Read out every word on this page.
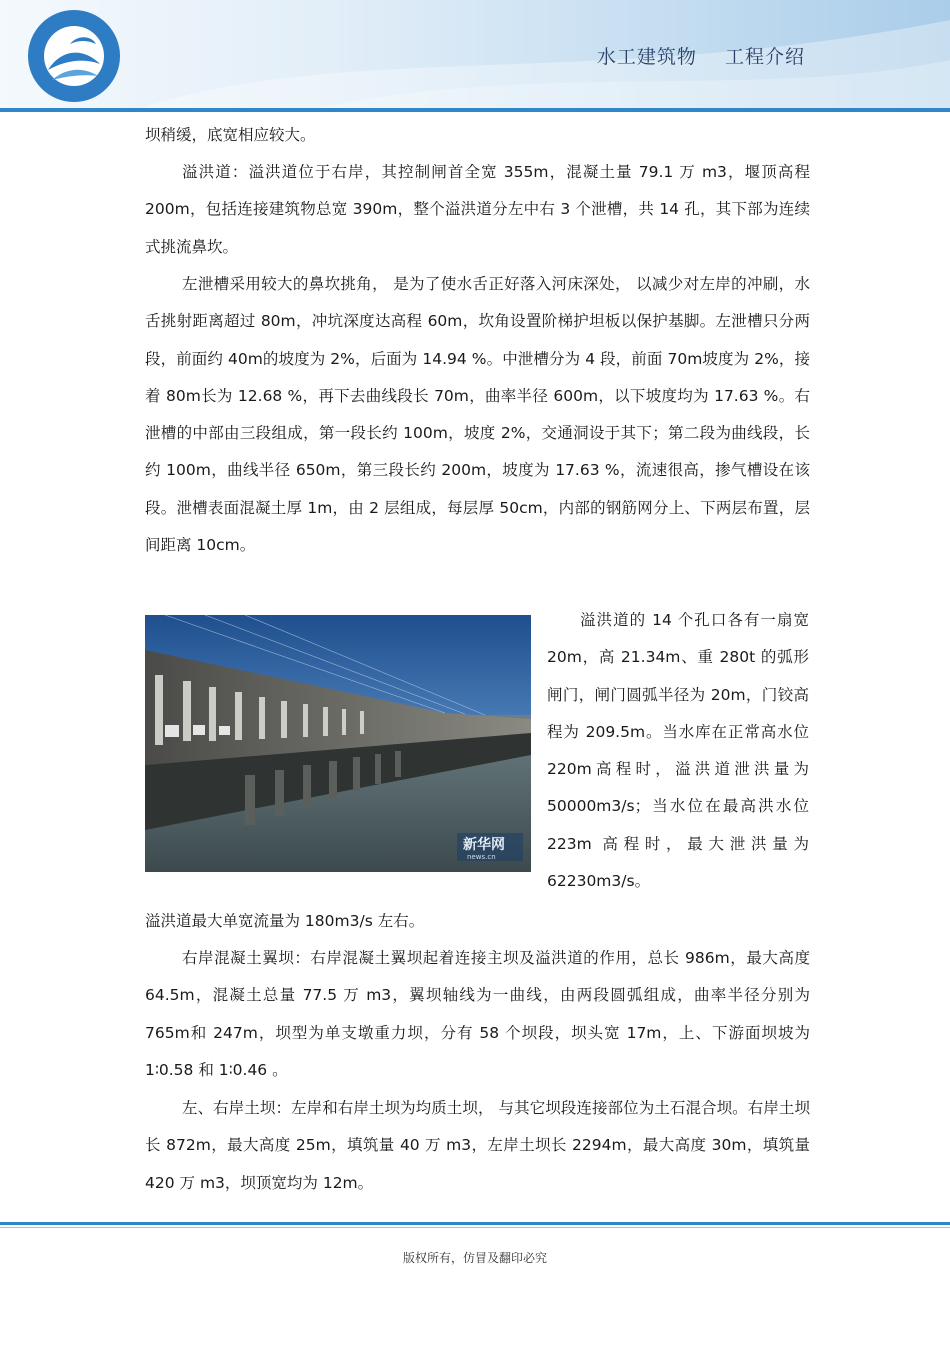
水工建筑物    工程介绍

坝稍缓，底宽相应较大。

溢洪道：溢洪道位于右岸，其控制闸首全宽 355m，混凝土量 79.1 万 m3，堰顶高程 200m，包括连接建筑物总宽 390m，整个溢洪道分左中右 3 个泄槽，共 14 孔，其下部为连续式挑流鼻坎。

左泄槽采用较大的鼻坎挑角， 是为了使水舌正好落入河床深处， 以减少对左岸的冲刷，水舌挑射距离超过 80m，冲坑深度达高程 60m，坎角设置阶梯护坦板以保护基脚。左泄槽只分两段，前面约 40m的坡度为 2%，后面为 14.94 %。中泄槽分为 4 段，前面 70m坡度为 2%，接着 80m长为 12.68 %，再下去曲线段长 70m，曲率半径 600m，以下坡度均为 17.63 %。右泄槽的中部由三段组成，第一段长约 100m，坡度 2%，交通洞设于其下；第二段为曲线段，长约 100m，曲线半径 650m，第三段长约 200m，坡度为 17.63 %，流速很高，掺气槽设在该段。泄槽表面混凝土厚 1m，由 2 层组成，每层厚 50cm，内部的钢筋网分上、下两层布置，层间距离 10cm。

新华网
news.cn

溢洪道的 14 个孔口各有一扇宽 20m，高 21.34m、重 280t 的弧形闸门，闸门圆弧半径为 20m，门铰高程为 209.5m。当水库在正常高水位 220m高程时，溢洪道泄洪量为 50000m3/s；当水位在最高洪水位 223m 高程时，最大泄洪量为 62230m3/s。

溢洪道最大单宽流量为 180m3/s 左右。

右岸混凝土翼坝：右岸混凝土翼坝起着连接主坝及溢洪道的作用，总长 986m，最大高度 64.5m，混凝土总量 77.5 万 m3，翼坝轴线为一曲线，由两段圆弧组成，曲率半径分别为 765m和 247m，坝型为单支墩重力坝，分有 58 个坝段，坝头宽 17m，上、下游面坝坡为 1∶0.58 和 1∶0.46 。

左、右岸土坝：左岸和右岸土坝为均质土坝， 与其它坝段连接部位为土石混合坝。右岸土坝长 872m，最大高度 25m，填筑量 40 万 m3，左岸土坝长 2294m，最大高度 30m，填筑量 420 万 m3，坝顶宽均为 12m。

版权所有，仿冒及翻印必究
